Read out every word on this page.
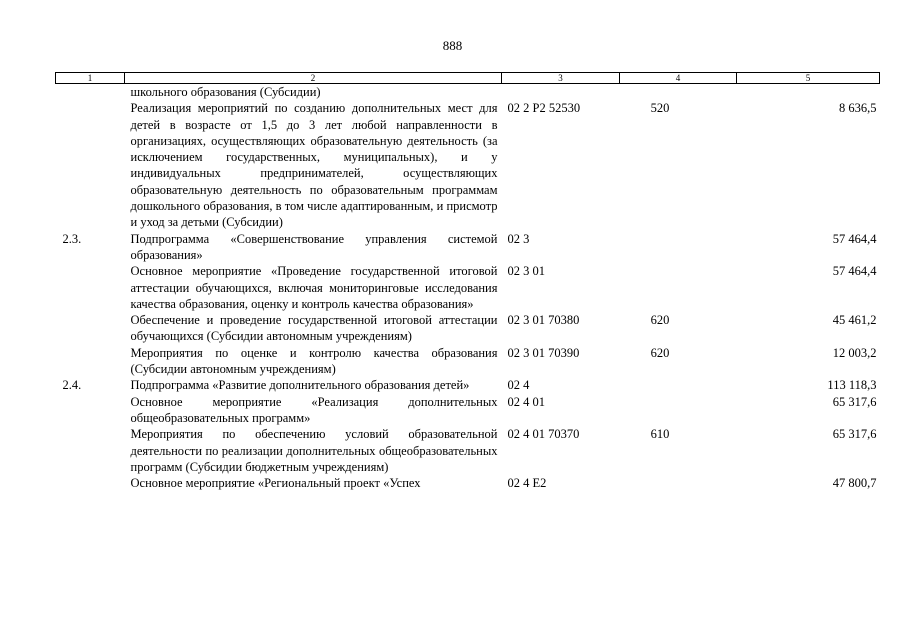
888
1	2	3	4	5
	школьного образования (Субсидии)			
	Реализация мероприятий по созданию дополнительных мест для детей в возрасте от 1,5 до 3 лет любой направленности в организациях, осуществляющих образовательную деятельность (за исключением государственных, муниципальных), и у индивидуальных предпринимателей, осуществляющих образовательную деятельность по образовательным программам дошкольного образования, в том числе адаптированным, и присмотр и уход за детьми (Субсидии)	02 2 P2 52530	520	8 636,5
2.3.	Подпрограмма «Совершенствование управления системой образования»	02 3		57 464,4
	Основное мероприятие «Проведение государственной итоговой аттестации обучающихся, включая мониторинговые исследования качества образования, оценку и контроль качества образования»	02 3 01		57 464,4
	Обеспечение и проведение государственной итоговой аттестации обучающихся (Субсидии автономным учреждениям)	02 3 01 70380	620	45 461,2
	Мероприятия по оценке и контролю качества образования (Субсидии автономным учреждениям)	02 3 01 70390	620	12 003,2
2.4.	Подпрограмма «Развитие дополнительного образования детей»	02 4		113 118,3
	Основное мероприятие «Реализация дополнительных общеобразовательных программ»	02 4 01		65 317,6
	Мероприятия по обеспечению условий образовательной деятельности по реализации дополнительных общеобразовательных программ (Субсидии бюджетным учреждениям)	02 4 01 70370	610	65 317,6
	Основное мероприятие «Региональный проект «Успех	02 4 E2		47 800,7
